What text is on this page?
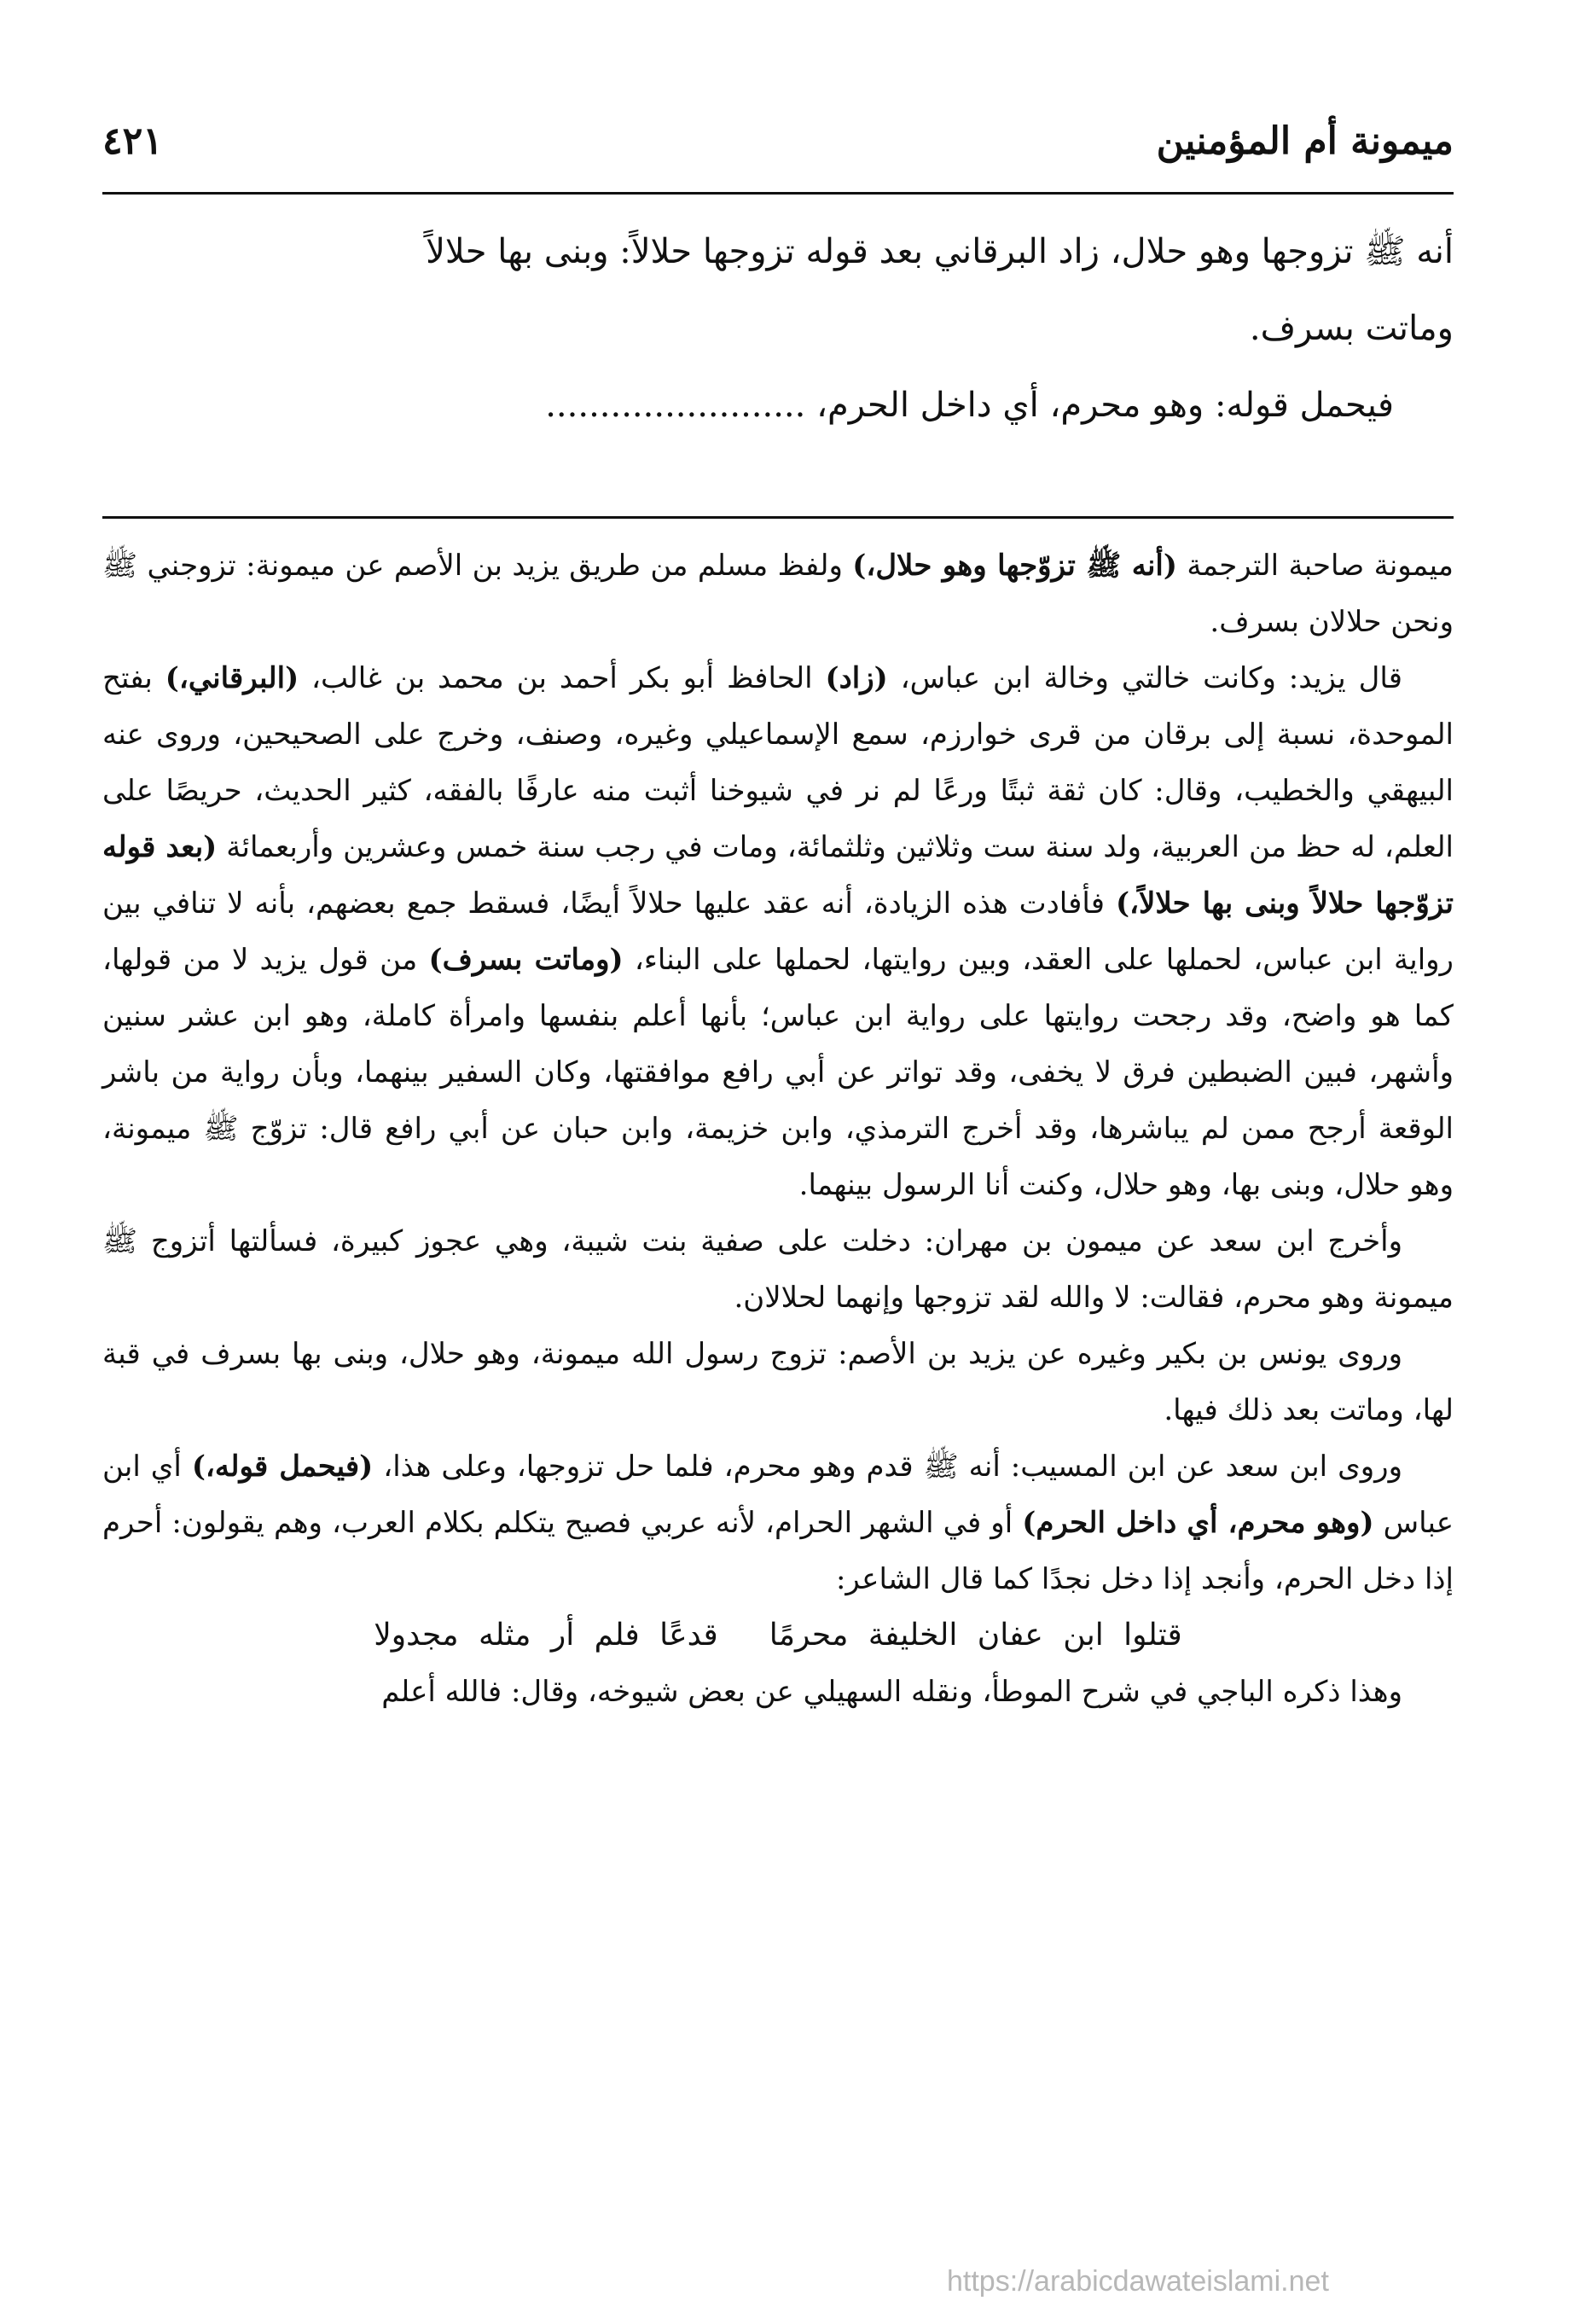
ميمونة أم المؤمنين
٤٢١

أنه ﷺ تزوجها وهو حلال، زاد البرقاني بعد قوله تزوجها حلالاً: وبنى بها حلالاً

وماتت بسرف.

فيحمل قوله: وهو محرم، أي داخل الحرم، ........................

ميمونة صاحبة الترجمة (أنه ﷺ تزوّجها وهو حلال،) ولفظ مسلم من طريق يزيد بن الأصم عن ميمونة: تزوجني ﷺ ونحن حلالان بسرف.

قال يزيد: وكانت خالتي وخالة ابن عباس، (زاد) الحافظ أبو بكر أحمد بن محمد بن غالب، (البرقاني،) بفتح الموحدة، نسبة إلى برقان من قرى خوارزم، سمع الإسماعيلي وغيره، وصنف، وخرج على الصحيحين، وروى عنه البيهقي والخطيب، وقال: كان ثقة ثبتًا ورعًا لم نر في شيوخنا أثبت منه عارفًا بالفقه، كثير الحديث، حريصًا على العلم، له حظ من العربية، ولد سنة ست وثلاثين وثلثمائة، ومات في رجب سنة خمس وعشرين وأربعمائة (بعد قوله تزوّجها حلالاً وبنى بها حلالاً،) فأفادت هذه الزيادة، أنه عقد عليها حلالاً أيضًا، فسقط جمع بعضهم، بأنه لا تنافي بين رواية ابن عباس، لحملها على العقد، وبين روايتها، لحملها على البناء، (وماتت بسرف) من قول يزيد لا من قولها، كما هو واضح، وقد رجحت روايتها على رواية ابن عباس؛ بأنها أعلم بنفسها وامرأة كاملة، وهو ابن عشر سنين وأشهر، فبين الضبطين فرق لا يخفى، وقد تواتر عن أبي رافع موافقتها، وكان السفير بينهما، وبأن رواية من باشر الوقعة أرجح ممن لم يباشرها، وقد أخرج الترمذي، وابن خزيمة، وابن حبان عن أبي رافع قال: تزوّج ﷺ ميمونة، وهو حلال، وبنى بها، وهو حلال، وكنت أنا الرسول بينهما.

وأخرج ابن سعد عن ميمون بن مهران: دخلت على صفية بنت شيبة، وهي عجوز كبيرة، فسألتها أتزوج ﷺ ميمونة وهو محرم، فقالت: لا والله لقد تزوجها وإنهما لحلالان.

وروى يونس بن بكير وغيره عن يزيد بن الأصم: تزوج رسول الله ميمونة، وهو حلال، وبنى بها بسرف في قبة لها، وماتت بعد ذلك فيها.

وروى ابن سعد عن ابن المسيب: أنه ﷺ قدم وهو محرم، فلما حل تزوجها، وعلى هذا، (فيحمل قوله،) أي ابن عباس (وهو محرم، أي داخل الحرم) أو في الشهر الحرام، لأنه عربي فصيح يتكلم بكلام العرب، وهم يقولون: أحرم إذا دخل الحرم، وأنجد إذا دخل نجدًا كما قال الشاعر:

قتلوا ابن عفان الخليفة محرمًاقدعًا فلم أر مثله مجدولا

وهذا ذكره الباجي في شرح الموطأ، ونقله السهيلي عن بعض شيوخه، وقال: فالله أعلم

https://arabicdawateislami.net
